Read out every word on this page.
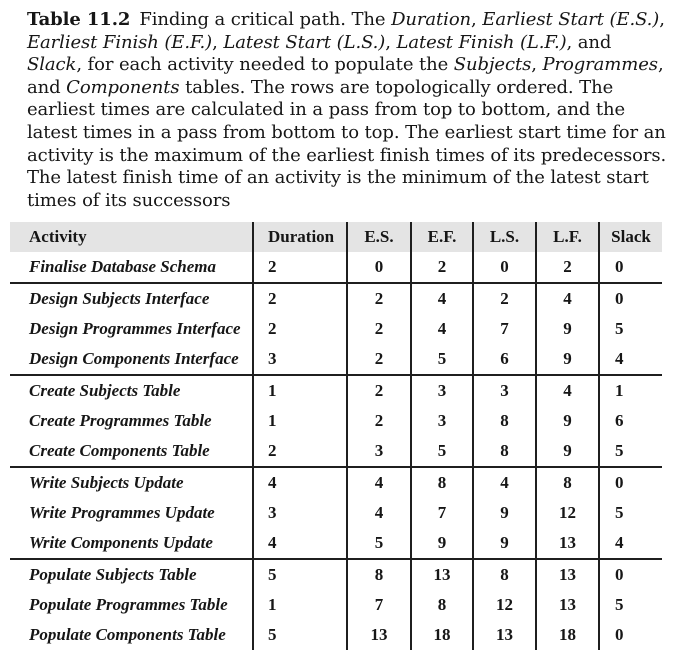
Table 11.2 Finding a critical path. The Duration, Earliest Start (E.S.), Earliest Finish (E.F.), Latest Start (L.S.), Latest Finish (L.F.), and Slack, for each activity needed to populate the Subjects, Programmes, and Components tables. The rows are topologically ordered. The earliest times are calculated in a pass from top to bottom, and the latest times in a pass from bottom to top. The earliest start time for an activity is the maximum of the earliest finish times of its predecessors. The latest finish time of an activity is the minimum of the latest start times of its successors

Activity	Duration	E.S.	E.F.	L.S.	L.F.	Slack
Finalise Database Schema	2	0	2	0	2	0
Design Subjects Interface	2	2	4	2	4	0
Design Programmes Interface	2	2	4	7	9	5
Design Components Interface	3	2	5	6	9	4
Create Subjects Table	1	2	3	3	4	1
Create Programmes Table	1	2	3	8	9	6
Create Components Table	2	3	5	8	9	5
Write Subjects Update	4	4	8	4	8	0
Write Programmes Update	3	4	7	9	12	5
Write Components Update	4	5	9	9	13	4
Populate Subjects Table	5	8	13	8	13	0
Populate Programmes Table	1	7	8	12	13	5
Populate Components Table	5	13	18	13	18	0
